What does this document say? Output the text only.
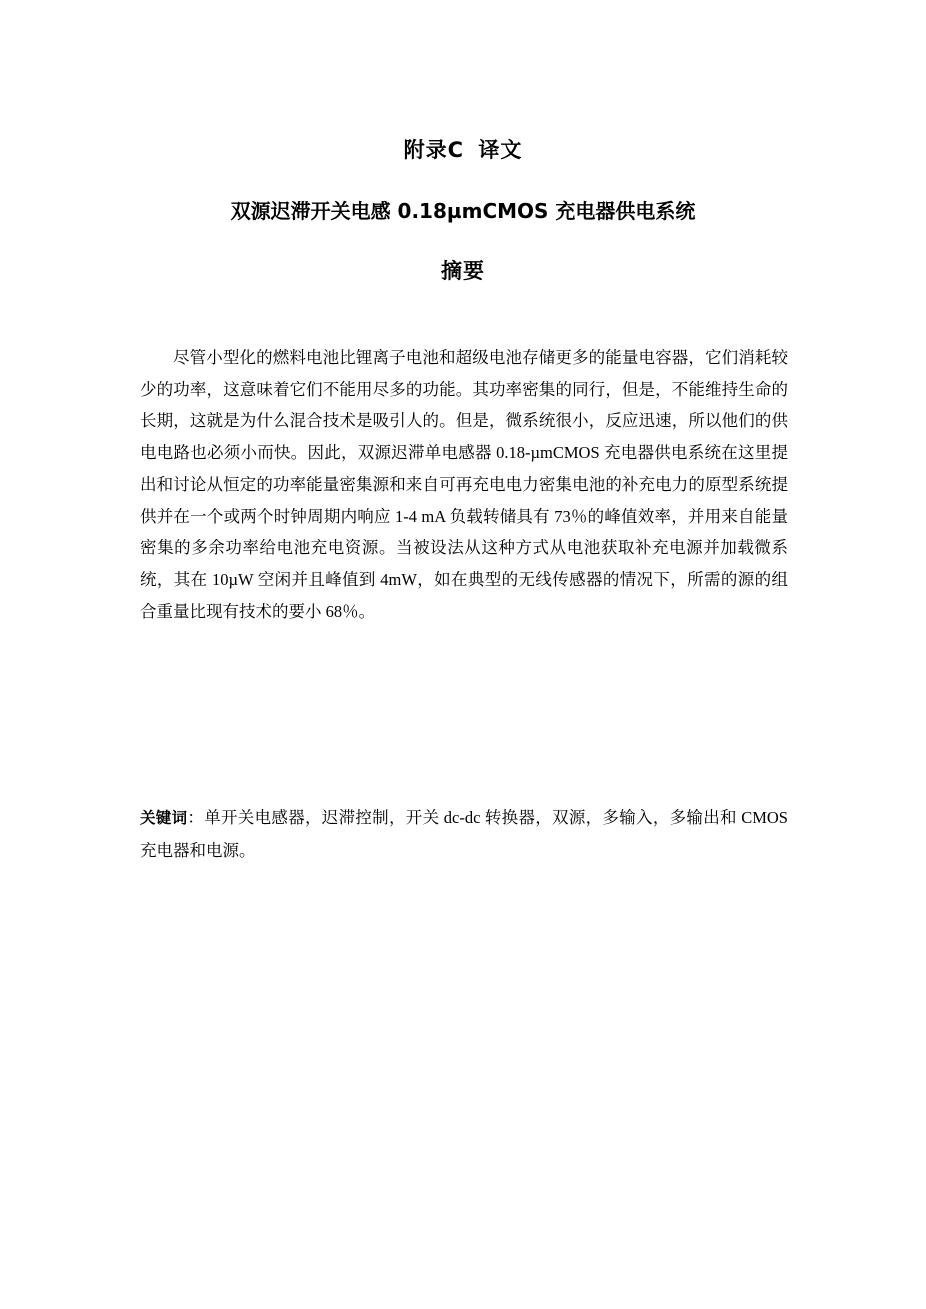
附录C 译文
双源迟滞开关电感 0.18µmCMOS 充电器供电系统
摘要

尽管小型化的燃料电池比锂离子电池和超级电池存储更多的能量电容器，它们消耗较少的功率，这意味着它们不能用尽多的功能。其功率密集的同行，但是，不能维持生命的长期，这就是为什么混合技术是吸引人的。但是，微系统很小，反应迅速，所以他们的供电电路也必须小而快。因此，双源迟滞单电感器 0.18-µmCMOS 充电器供电系统在这里提出和讨论从恒定的功率能量密集源和来自可再充电电力密集电池的补充电力的原型系统提供并在一个或两个时钟周期内响应 1-4 mA 负载转储具有 73％的峰值效率，并用来自能量密集的多余功率给电池充电资源。当被设法从这种方式从电池获取补充电源并加载微系统，其在 10µW 空闲并且峰值到 4mW，如在典型的无线传感器的情况下，所需的源的组合重量比现有技术的要小 68％。

关键词：单开关电感器，迟滞控制，开关 dc-dc 转换器，双源，多输入，多输出和 CMOS 充电器和电源。
